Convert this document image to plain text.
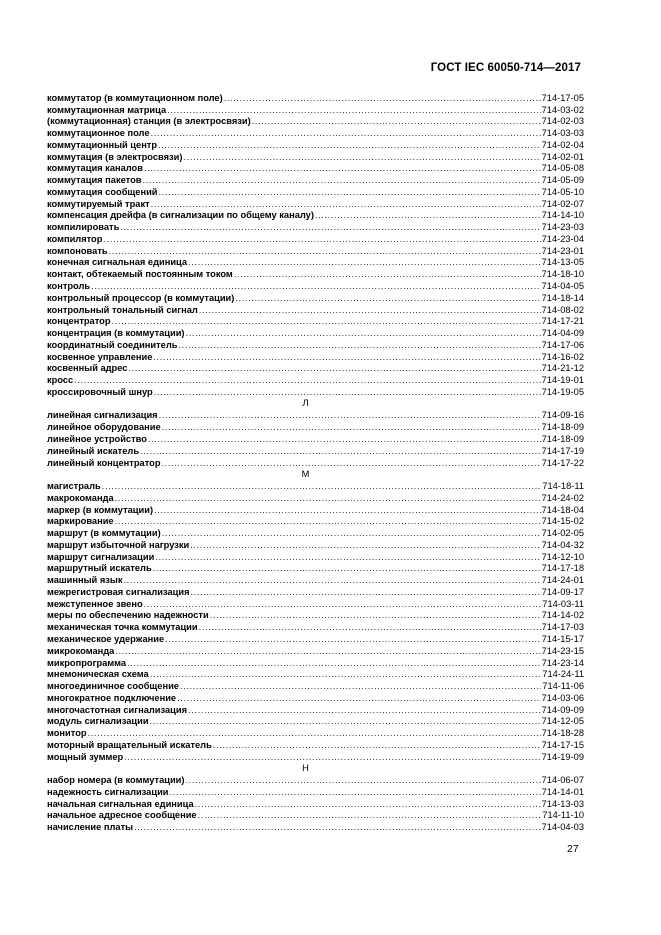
ГОСТ IEC 60050-714—2017
коммутатор (в коммутационном поле) .....	714-17-05
коммутационная матрица .....	714-03-02
(коммутационная) станция (в электросвязи) .....	714-02-03
коммутационное поле .....	714-03-03
коммутационный центр .....	714-02-04
коммутация (в электросвязи) .....	714-02-01
коммутация каналов .....	714-05-08
коммутация пакетов .....	714-05-09
коммутация сообщений .....	714-05-10
коммутируемый тракт .....	714-02-07
компенсация дрейфа (в сигнализации по общему каналу) .....	714-14-10
компилировать .....	714-23-03
компилятор .....	714-23-04
компоновать .....	714-23-01
конечная сигнальная единица .....	714-13-05
контакт, обтекаемый постоянным током .....	714-18-10
контроль .....	714-04-05
контрольный процессор (в коммутации) .....	714-18-14
контрольный тональный сигнал .....	714-08-02
концентратор .....	714-17-21
концентрация (в коммутации) .....	714-04-09
координатный соединитель .....	714-17-06
косвенное управление .....	714-16-02
косвенный адрес .....	714-21-12
кросс .....	714-19-01
кроссировочный шнур .....	714-19-05
Л
линейная сигнализация .....	714-09-16
линейное оборудование .....	714-18-09
линейное устройство .....	714-18-09
линейный искатель .....	714-17-19
линейный концентратор .....	714-17-22
М
магистраль .....	714-18-11
макрокоманда .....	714-24-02
маркер (в коммутации) .....	714-18-04
маркирование .....	714-15-02
маршрут (в коммутации) .....	714-02-05
маршрут избыточной нагрузки .....	714-04-32
маршрут сигнализации .....	714-12-10
маршрутный искатель .....	714-17-18
машинный язык .....	714-24-01
межрегистровая сигнализация .....	714-09-17
межступенное звено .....	714-03-11
меры по обеспечению надежности .....	714-14-02
механическая точка коммутации .....	714-17-03
механическое удержание .....	714-15-17
микрокоманда .....	714-23-15
микропрограмма .....	714-23-14
мнемоническая схема .....	714-24-11
многоединичное сообщение .....	714-11-06
многократное подключение .....	714-03-06
многочастотная сигнализация .....	714-09-09
модуль сигнализации .....	714-12-05
монитор .....	714-18-28
моторный вращательный искатель .....	714-17-15
мощный зуммер .....	714-19-09
Н
набор номера (в коммутации) .....	714-06-07
надежность сигнализации .....	714-14-01
начальная сигнальная единица .....	714-13-03
начальное адресное сообщение .....	714-11-10
начисление платы .....	714-04-03
27
